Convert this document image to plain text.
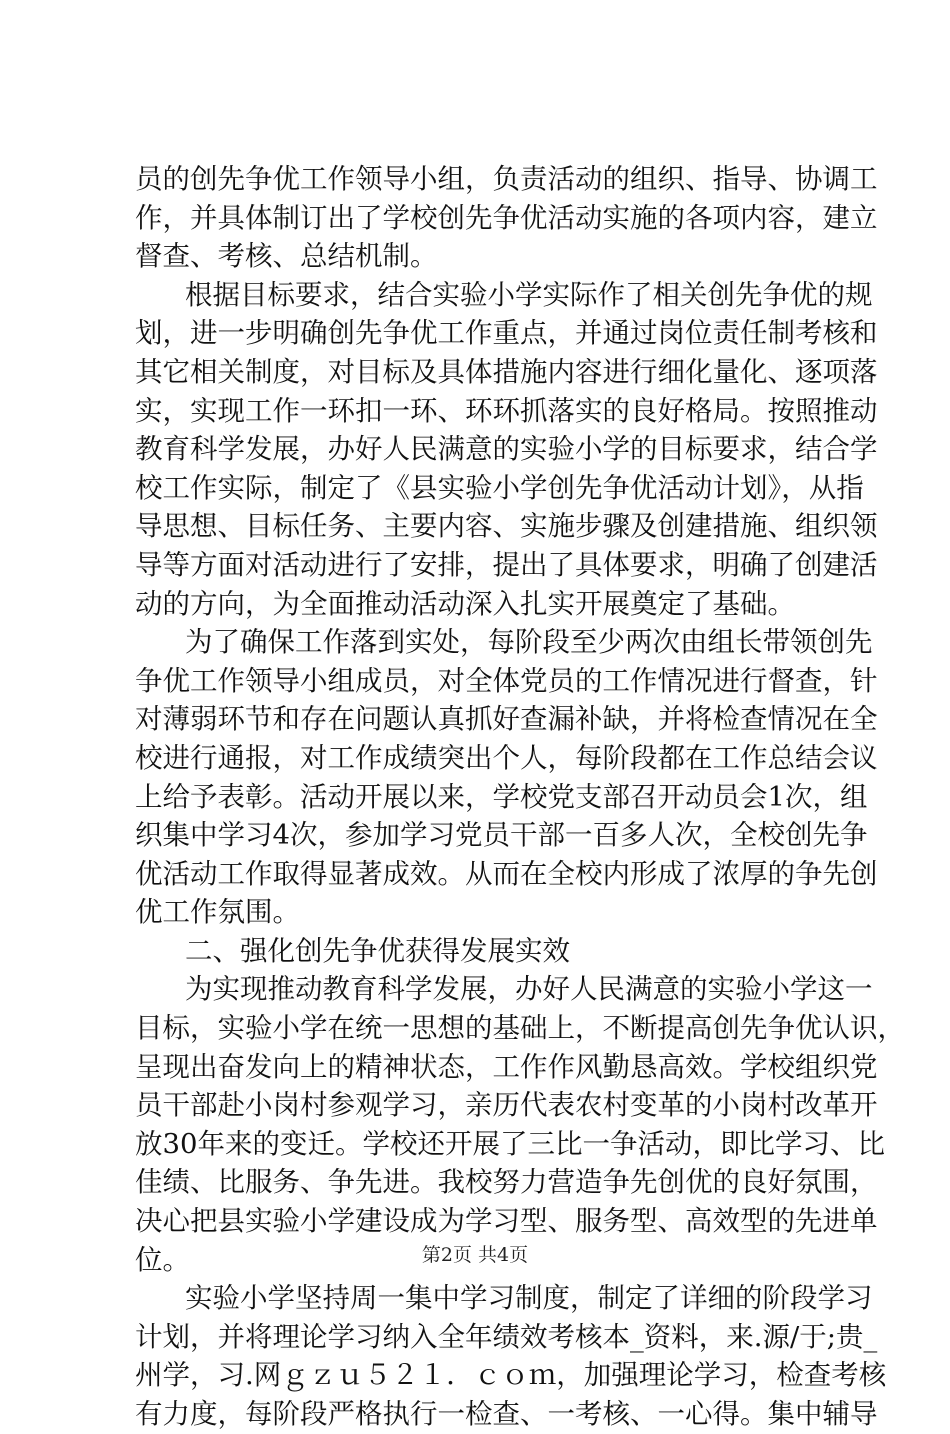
员的创先争优工作领导小组，负责活动的组织、指导、协调工
作，并具体制订出了学校创先争优活动实施的各项内容，建立
督查、考核、总结机制。
根据目标要求，结合实验小学实际作了相关创先争优的规
划，进一步明确创先争优工作重点，并通过岗位责任制考核和
其它相关制度，对目标及具体措施内容进行细化量化、逐项落
实，实现工作一环扣一环、环环抓落实的良好格局。按照推动
教育科学发展，办好人民满意的实验小学的目标要求，结合学
校工作实际，制定了《县实验小学创先争优活动计划》，从指
导思想、目标任务、主要内容、实施步骤及创建措施、组织领
导等方面对活动进行了安排，提出了具体要求，明确了创建活
动的方向，为全面推动活动深入扎实开展奠定了基础。
为了确保工作落到实处，每阶段至少两次由组长带领创先
争优工作领导小组成员，对全体党员的工作情况进行督查，针
对薄弱环节和存在问题认真抓好查漏补缺，并将检查情况在全
校进行通报，对工作成绩突出个人，每阶段都在工作总结会议
上给予表彰。活动开展以来，学校党支部召开动员会1次，组
织集中学习4次，参加学习党员干部一百多人次，全校创先争
优活动工作取得显著成效。从而在全校内形成了浓厚的争先创
优工作氛围。
二、强化创先争优获得发展实效
为实现推动教育科学发展，办好人民满意的实验小学这一
目标，实验小学在统一思想的基础上，不断提高创先争优认识，
呈现出奋发向上的精神状态，工作作风勤恳高效。学校组织党
员干部赴小岗村参观学习，亲历代表农村变革的小岗村改革开
放30年来的变迁。学校还开展了三比一争活动，即比学习、比
佳绩、比服务、争先进。我校努力营造争先创优的良好氛围，
决心把县实验小学建设成为学习型、服务型、高效型的先进单
位。
实验小学坚持周一集中学习制度，制定了详细的阶段学习
计划，并将理论学习纳入全年绩效考核本_资料，来.源/于;贵_
州学，习.网ｇｚｕ５２１．ｃｏｍ，加强理论学习，检查考核
有力度，每阶段严格执行一检查、一考核、一心得。集中辅导
第2页 共4页
